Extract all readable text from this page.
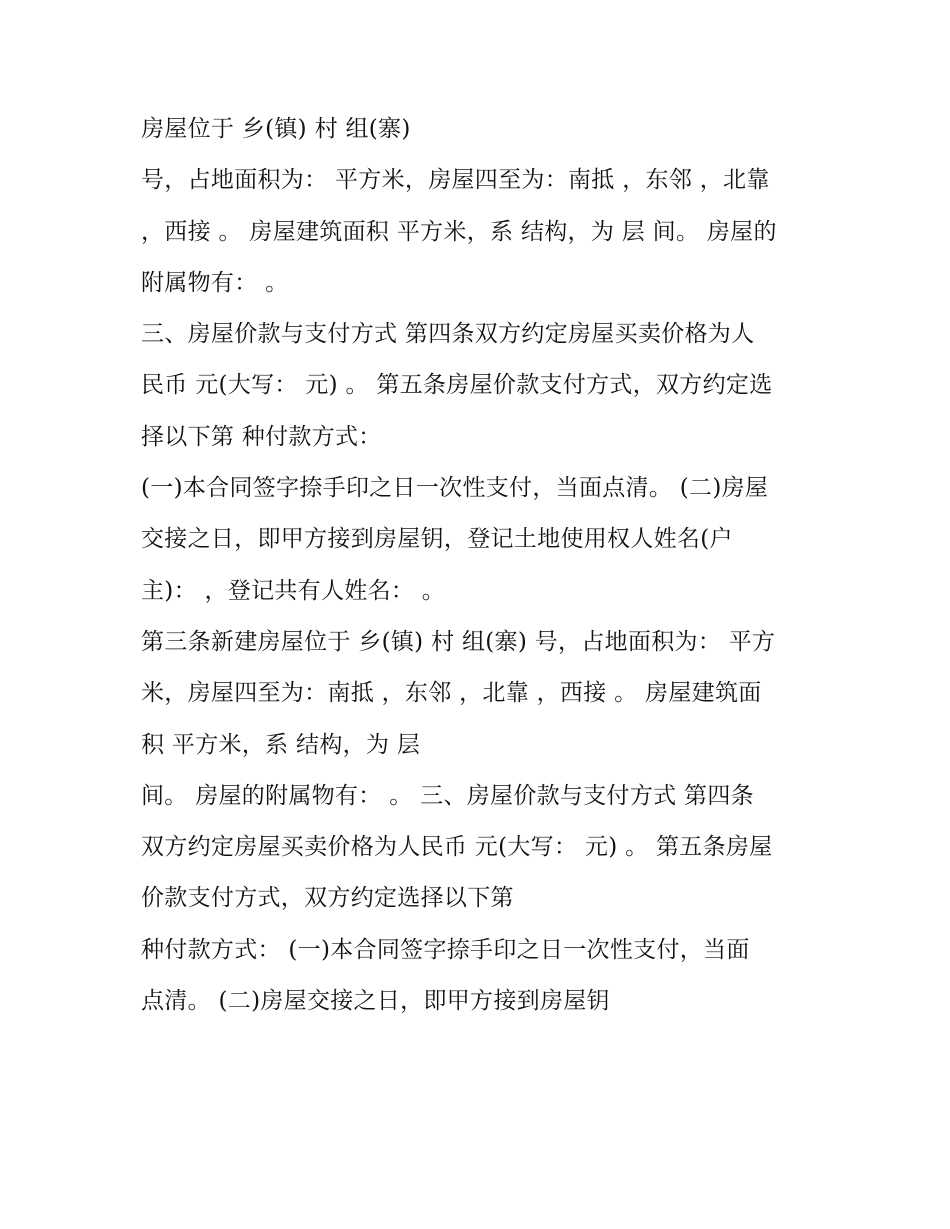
房屋位于 乡(镇) 村 组(寨)
号，占地面积为： 平方米，房屋四至为：南抵 ，东邻 ，北靠
，西接 。 房屋建筑面积 平方米，系 结构，为 层 间。 房屋的
附属物有： 。
三、房屋价款与支付方式 第四条双方约定房屋买卖价格为人
民币 元(大写： 元) 。 第五条房屋价款支付方式，双方约定选
择以下第 种付款方式：
(一)本合同签字捺手印之日一次性支付，当面点清。 (二)房屋
交接之日，即甲方接到房屋钥，登记土地使用权人姓名(户
主)： ，登记共有人姓名： 。
第三条新建房屋位于 乡(镇) 村 组(寨) 号，占地面积为： 平方
米，房屋四至为：南抵 ，东邻 ，北靠 ，西接 。 房屋建筑面
积 平方米，系 结构，为 层
间。 房屋的附属物有： 。 三、房屋价款与支付方式 第四条
双方约定房屋买卖价格为人民币 元(大写： 元) 。 第五条房屋
价款支付方式，双方约定选择以下第
种付款方式： (一)本合同签字捺手印之日一次性支付，当面
点清。 (二)房屋交接之日，即甲方接到房屋钥
